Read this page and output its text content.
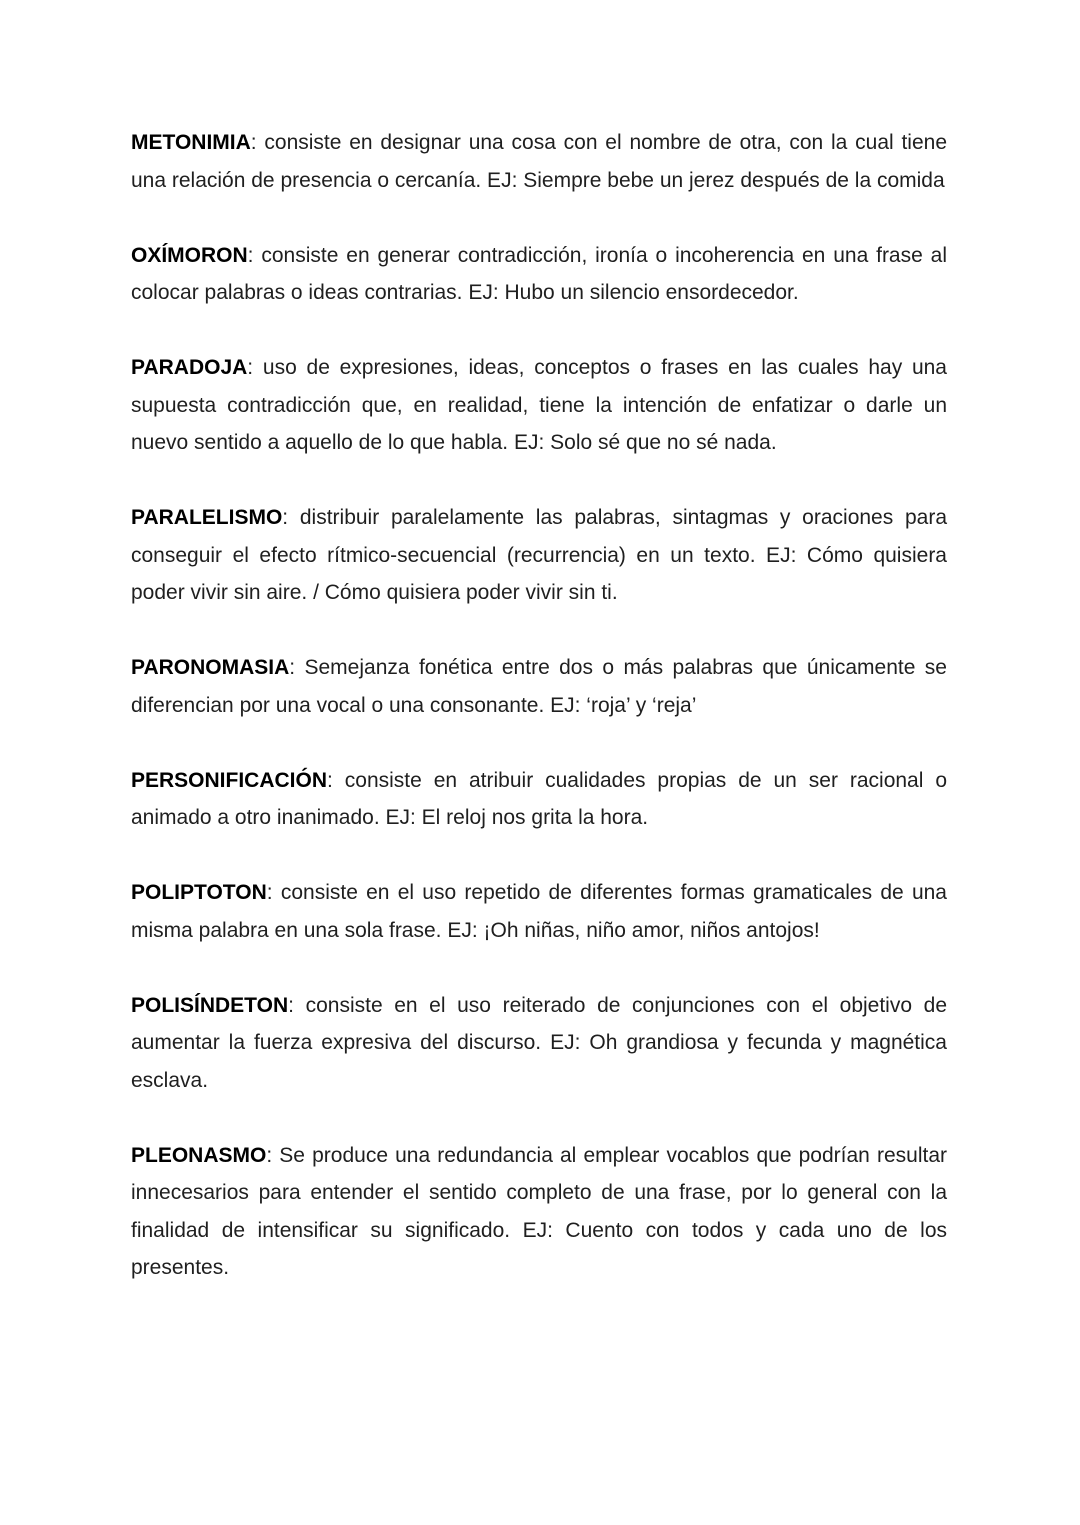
METONIMIA: consiste en designar una cosa con el nombre de otra, con la cual tiene una relación de presencia o cercanía. EJ: Siempre bebe un jerez después de la comida

OXÍMORON: consiste en generar contradicción, ironía o incoherencia en una frase al colocar palabras o ideas contrarias. EJ: Hubo un silencio ensordecedor.

PARADOJA: uso de expresiones, ideas, conceptos o frases en las cuales hay una supuesta contradicción que, en realidad, tiene la intención de enfatizar o darle un nuevo sentido a aquello de lo que habla. EJ: Solo sé que no sé nada.

PARALELISMO: distribuir paralelamente las palabras, sintagmas y oraciones para conseguir el efecto rítmico-secuencial (recurrencia) en un texto. EJ: Cómo quisiera poder vivir sin aire. / Cómo quisiera poder vivir sin ti.

PARONOMASIA: Semejanza fonética entre dos o más palabras que únicamente se diferencian por una vocal o una consonante. EJ: ‘roja’ y ‘reja’

PERSONIFICACIÓN: consiste en atribuir cualidades propias de un ser racional o animado a otro inanimado. EJ: El reloj nos grita la hora.

POLIPTOTON: consiste en el uso repetido de diferentes formas gramaticales de una misma palabra en una sola frase. EJ: ¡Oh niñas, niño amor, niños antojos!

POLISÍNDETON: consiste en el uso reiterado de conjunciones con el objetivo de aumentar la fuerza expresiva del discurso. EJ: Oh grandiosa y fecunda y magnética esclava.

PLEONASMO: Se produce una redundancia al emplear vocablos que podrían resultar innecesarios para entender el sentido completo de una frase, por lo general con la finalidad de intensificar su significado. EJ: Cuento con todos y cada uno de los presentes.
